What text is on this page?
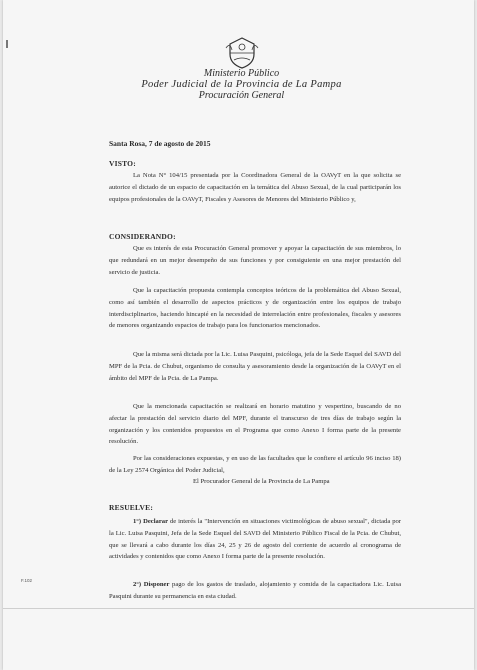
Ministerio Público
Poder Judicial de la Provincia de La Pampa
Procuración General
Santa Rosa, 7 de agosto de 2015
VISTO:
La Nota N° 104/15 presentada por la Coordinadora General de la OAVyT en la que solicita se autorice el dictado de un espacio de capacitación en la temática del Abuso Sexual, de la cual participarán los equipos profesionales de la OAVyT, Fiscales y Asesores de Menores del Ministerio Público y,
CONSIDERANDO:
Que es interés de esta Procuración General promover y apoyar la capacitación de sus miembros, lo que redundará en un mejor desempeño de sus funciones y por consiguiente en una mejor prestación del servicio de justicia.
Que la capacitación propuesta contempla conceptos teóricos de la problemática del Abuso Sexual, como así también el desarrollo de aspectos prácticos y de organización entre los equipos de trabajo interdisciplinarios, haciendo hincapié en la necesidad de interrelación entre profesionales, fiscales y asesores de menores organizando espacios de trabajo para los funcionarios mencionados.
Que la misma será dictada por la Lic. Luisa Pasquini, psicóloga, jefa de la Sede Esquel del SAVD del MPF de la Pcia. de Chubut, organismo de consulta y asesoramiento desde la organización de la OAVyT en el ámbito del MPF de la Pcia. de La Pampa.
Que la mencionada capacitación se realizará en horario matutino y vespertino, buscando de no afectar la prestación del servicio diario del MPF, durante el transcurso de tres días de trabajo según la organización y los contenidos propuestos en el Programa que como Anexo I forma parte de la presente resolución.
Por las consideraciones expuestas, y en uso de las facultades que le confiere el artículo 96 inciso 18) de la Ley 2574 Orgánica del Poder Judicial,
El Procurador General de la Provincia de La Pampa
RESUELVE:
1°) Declarar de interés la "Intervención en situaciones victimológicas de abuso sexual", dictada por la Lic. Luisa Pasquini, Jefa de la Sede Esquel del SAVD del Ministerio Público Fiscal de la Pcia. de Chubut, que se llevará a cabo durante los días 24, 25 y 26 de agosto del corriente de acuerdo al cronograma de actividades y contenidos que como Anexo I forma parte de la presente resolución.
2°) Disponer pago de los gastos de traslado, alojamiento y comida de la capacitadora Lic. Luisa Pasquini durante su permanencia en esta ciudad.
F.102
